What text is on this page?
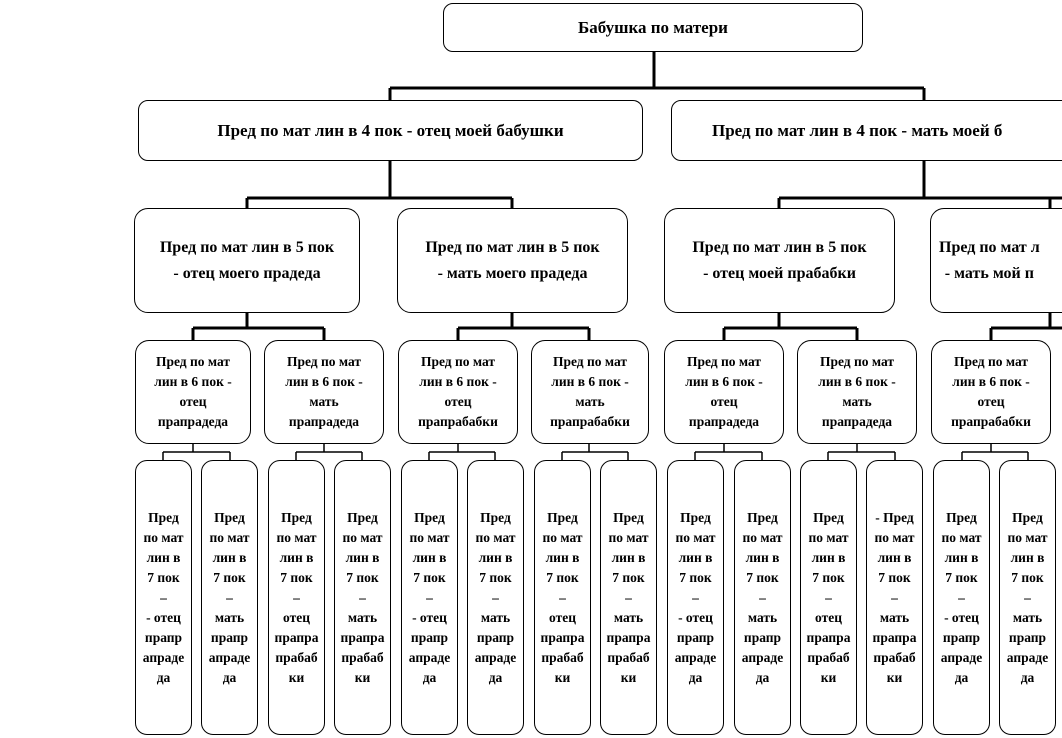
Бабушка по матери
Пред по мат лин в 4 пок - отец моей бабушки	Пред по мат лин в 4 пок - мать моей б
Пред по мат лин в 5 пок
- отец моего прадеда
Пред по мат лин в 5 пок
- мать моего прадеда
Пред по мат лин в 5 пок
- отец моей прабабки
Пред по мат л
- мать мой п
Пред по мат
лин в 6 пок -
отец
прапрадеда
Пред по мат
лин в 6 пок -
мать
прапрадеда
Пред по мат
лин в 6 пок -
отец
прапрабабки
Пред по мат
лин в 6 пок -
мать
прапрабабки
Пред по мат
лин в 6 пок -
отец
прапрадеда
Пред по мат
лин в 6 пок -
мать
прапрадеда
Пред по мат
лин в 6 пок -
отец
прапрабабки
Пред
по мат
лин в
7 пок
–
- отец
прапр
апраде
да
Пред
по мат
лин в
7 пок
–
мать
прапр
апраде
да
Пред
по мат
лин в
7 пок
–
отец
прапра
прабаб
ки
Пред
по мат
лин в
7 пок
–
мать
прапра
прабаб
ки
Пред
по мат
лин в
7 пок
–
- отец
прапр
апраде
да
Пред
по мат
лин в
7 пок
–
мать
прапр
апраде
да
Пред
по мат
лин в
7 пок
–
отец
прапра
прабаб
ки
Пред
по мат
лин в
7 пок
–
мать
прапра
прабаб
ки
Пред
по мат
лин в
7 пок
–
- отец
прапр
апраде
да
Пред
по мат
лин в
7 пок
–
мать
прапр
апраде
да
Пред
по мат
лин в
7 пок
–
отец
прапра
прабаб
ки
- Пред
по мат
лин в
7 пок
–
мать
прапра
прабаб
ки
Пред
по мат
лин в
7 пок
–
- отец
прапр
апраде
да
Пред
по мат
лин в
7 пок
–
мать
прапр
апраде
да
